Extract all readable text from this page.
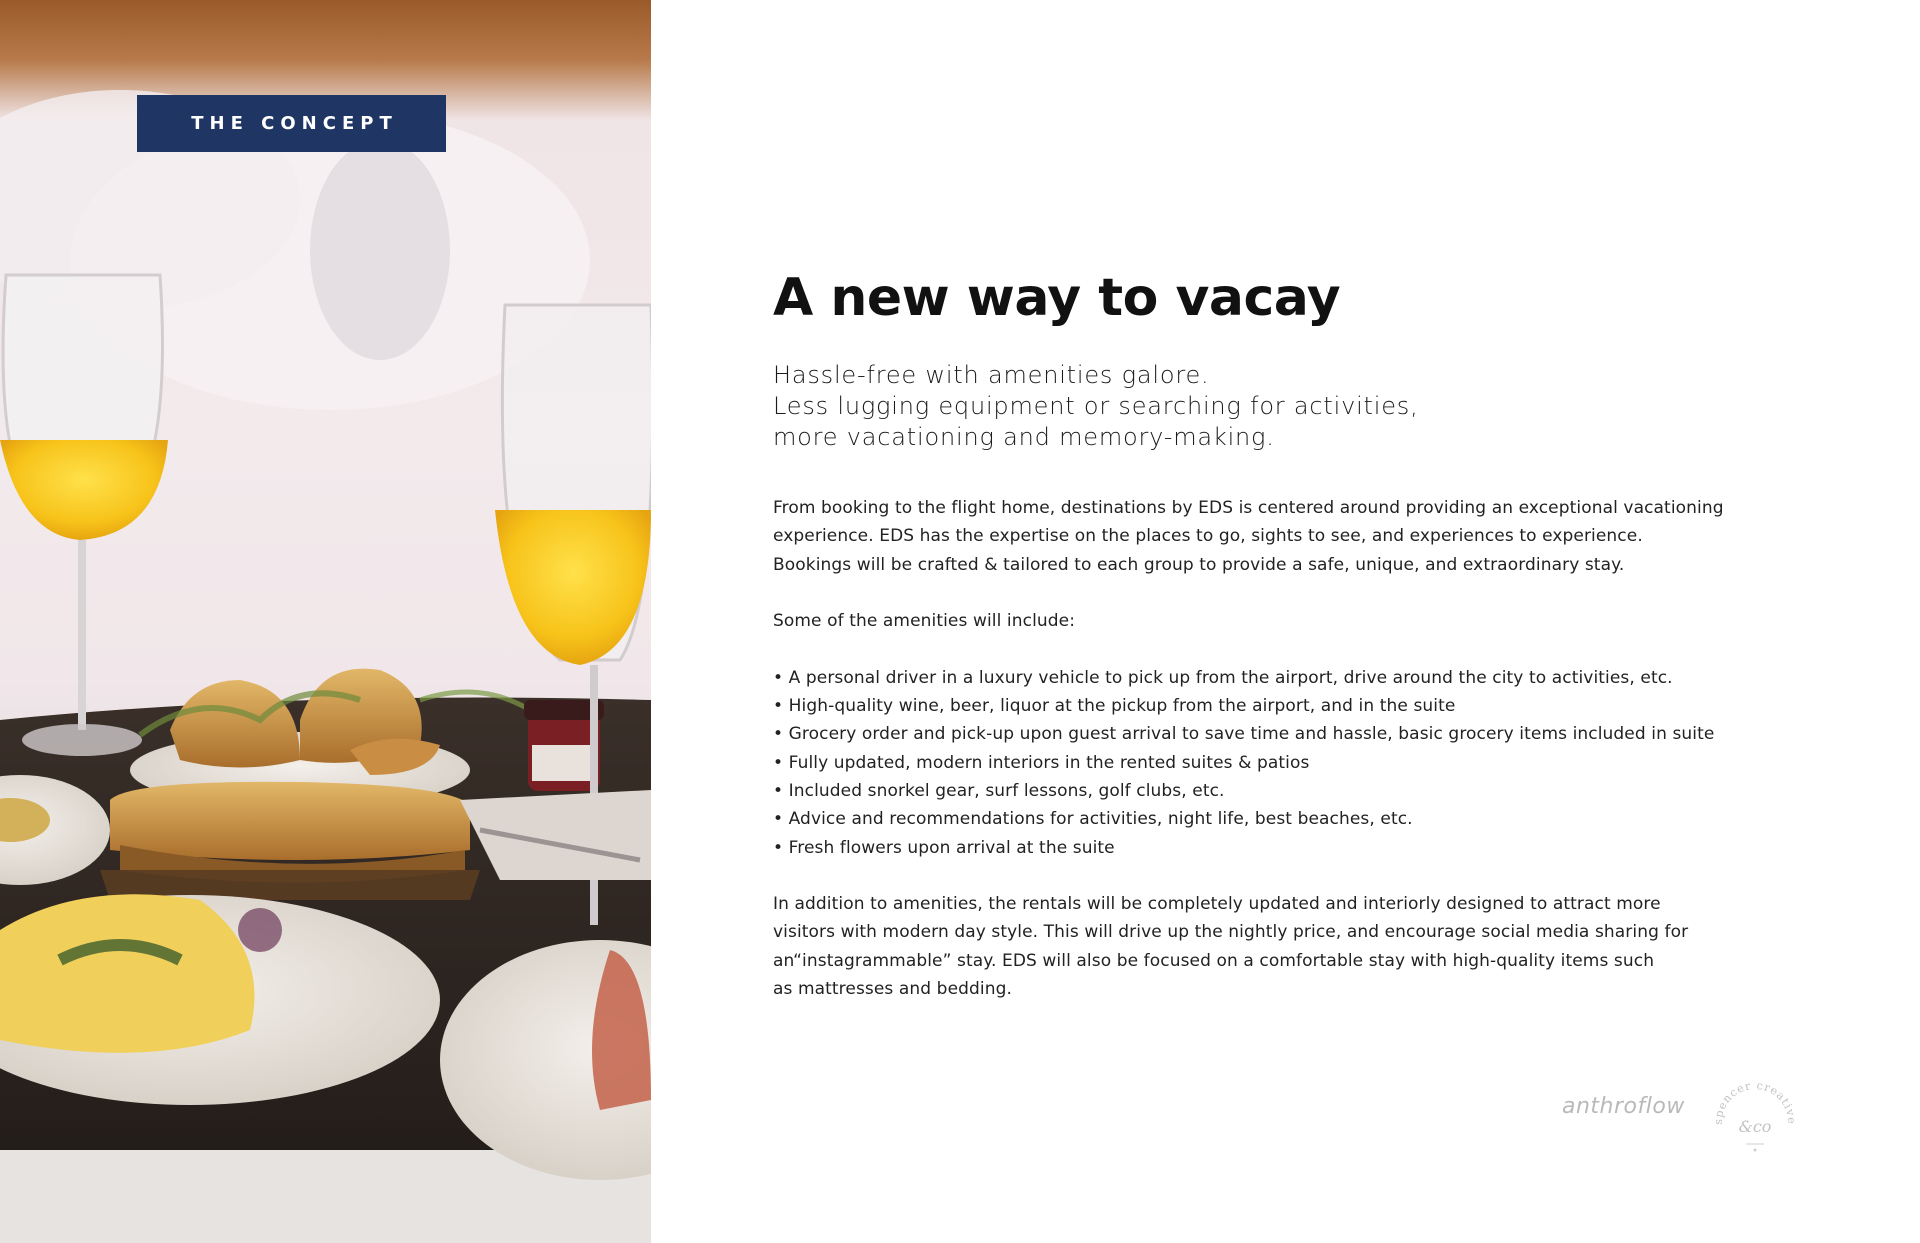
THE CONCEPT
A new way to vacay
Hassle-free with amenities galore.
Less lugging equipment or searching for activities,
more vacationing and memory-making.
From booking to the flight home, destinations by EDS is centered around providing an exceptional vacationing
experience. EDS has the expertise on the places to go, sights to see, and experiences to experience.
Bookings will be crafted & tailored to each group to provide a safe, unique, and extraordinary stay.
Some of the amenities will include:
• A personal driver in a luxury vehicle to pick up from the airport, drive around the city to activities, etc.
• High-quality wine, beer, liquor at the pickup from the airport, and in the suite
• Grocery order and pick-up upon guest arrival to save time and hassle, basic grocery items included in suite
• Fully updated, modern interiors in the rented suites & patios
• Included snorkel gear, surf lessons, golf clubs, etc.
• Advice and recommendations for activities, night life, best beaches, etc.
• Fresh flowers upon arrival at the suite
In addition to amenities, the rentals will be completely updated and interiorly designed to attract more
visitors with modern day style. This will drive up the nightly price, and encourage social media sharing for
an“instagrammable” stay. EDS will also be focused on a comfortable stay with high-quality items such
as mattresses and bedding.
anthroflow
spencer creative
&co
